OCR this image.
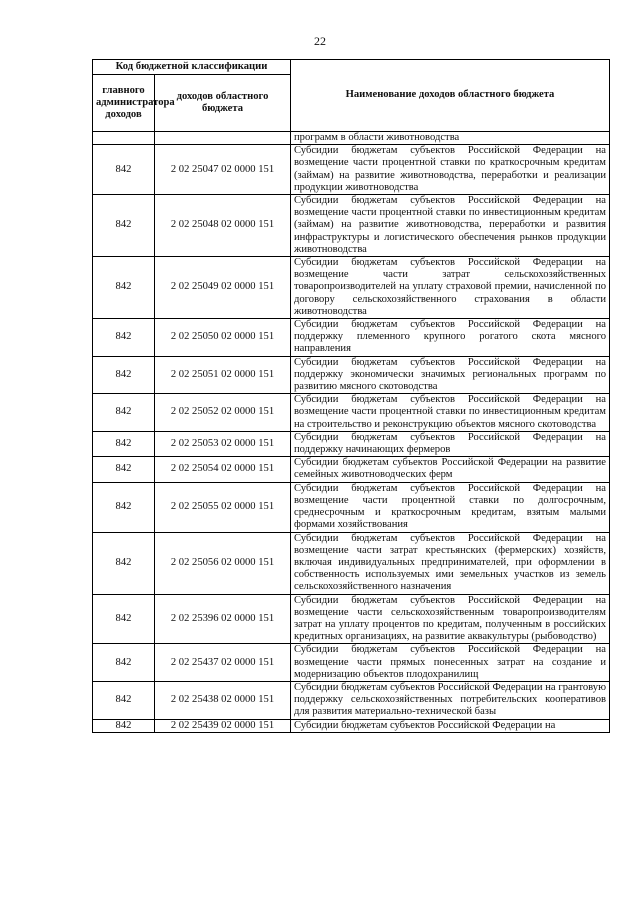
22
Код бюджетной классификации		Наименование доходов областного бюджета
главного администратора доходов	доходов областного бюджета	
		программ в области животноводства
842	2 02 25047 02 0000 151	Субсидии бюджетам субъектов Российской Федерации на возмещение части процентной ставки по краткосрочным кредитам (займам) на развитие животноводства, переработки и реализации продукции животноводства
842	2 02 25048 02 0000 151	Субсидии бюджетам субъектов Российской Федерации на возмещение части процентной ставки по инвестиционным кредитам (займам) на развитие животноводства, переработки и развития инфраструктуры и логистического обеспечения рынков продукции животноводства
842	2 02 25049 02 0000 151	Субсидии бюджетам субъектов Российской Федерации на возмещение части затрат сельскохозяйственных товаропроизводителей на уплату страховой премии, начисленной по договору сельскохозяйственного страхования в области животноводства
842	2 02 25050 02 0000 151	Субсидии бюджетам субъектов Российской Федерации на поддержку племенного крупного рогатого скота мясного направления
842	2 02 25051 02 0000 151	Субсидии бюджетам субъектов Российской Федерации на поддержку экономически значимых региональных программ по развитию мясного скотоводства
842	2 02 25052 02 0000 151	Субсидии бюджетам субъектов Российской Федерации на возмещение части процентной ставки по инвестиционным кредитам на строительство и реконструкцию объектов мясного скотоводства
842	2 02 25053 02 0000 151	Субсидии бюджетам субъектов Российской Федерации на поддержку начинающих фермеров
842	2 02 25054 02 0000 151	Субсидии бюджетам субъектов Российской Федерации на развитие семейных животноводческих ферм
842	2 02 25055 02 0000 151	Субсидии бюджетам субъектов Российской Федерации на возмещение части процентной ставки по долгосрочным, среднесрочным и краткосрочным кредитам, взятым малыми формами хозяйствования
842	2 02 25056 02 0000 151	Субсидии бюджетам субъектов Российской Федерации на возмещение части затрат крестьянских (фермерских) хозяйств, включая индивидуальных предпринимателей, при оформлении в собственность используемых ими земельных участков из земель сельскохозяйственного назначения
842	2 02 25396 02 0000 151	Субсидии бюджетам субъектов Российской Федерации на возмещение части сельскохозяйственным товаропроизводителям затрат на уплату процентов по кредитам, полученным в российских кредитных организациях, на развитие аквакультуры (рыбоводство)
842	2 02 25437 02 0000 151	Субсидии бюджетам субъектов Российской Федерации на возмещение части прямых понесенных затрат на создание и модернизацию объектов плодохранилищ
842	2 02 25438 02 0000 151	Субсидии бюджетам субъектов Российской Федерации на грантовую поддержку сельскохозяйственных потребительских кооперативов для развития материально-технической базы
842	2 02 25439 02 0000 151	Субсидии бюджетам субъектов Российской Федерации на
